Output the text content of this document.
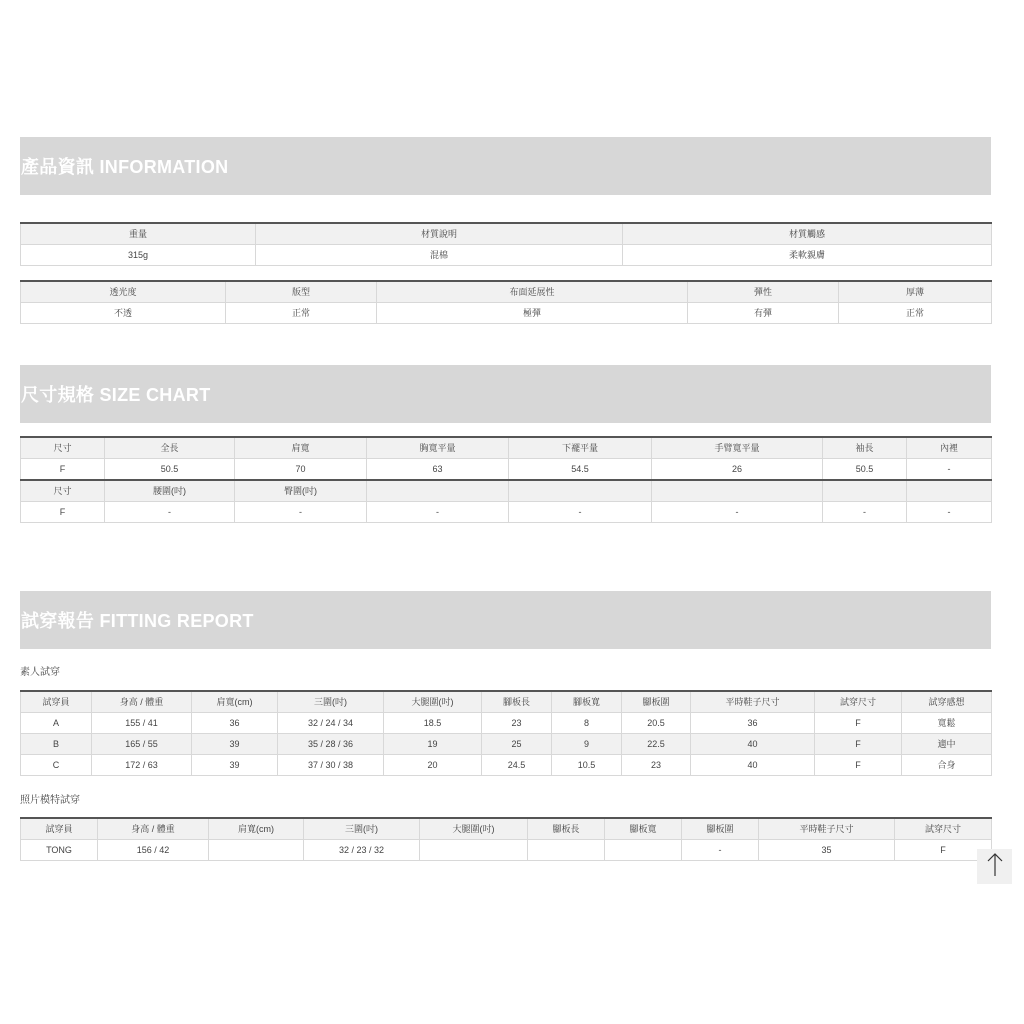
產品資訊 INFORMATION
重量	材質說明	材質觸感
315g	混棉	柔軟親膚
透光度	版型	布面延展性	彈性	厚薄
不透	正常	極彈	有彈	正常
尺寸規格 SIZE CHART
尺寸	全長	肩寬	胸寬平量	下襬平量	手臂寬平量	袖長	內裡
F	50.5	70	63	54.5	26	50.5	-
尺寸	腰圍(吋)	臀圍(吋)					
F	-	-	-	-	-	-	-
試穿報告 FITTING REPORT
素人試穿
試穿員	身高 / 體重	肩寬(cm)	三圍(吋)	大腿圍(吋)	腳板長	腳板寬	腳板圍	平時鞋子尺寸	試穿尺寸	試穿感想
A	155 / 41	36	32 / 24 / 34	18.5	23	8	20.5	36	F	寬鬆
B	165 / 55	39	35 / 28 / 36	19	25	9	22.5	40	F	適中
C	172 / 63	39	37 / 30 / 38	20	24.5	10.5	23	40	F	合身
照片模特試穿
試穿員	身高 / 體重	肩寬(cm)	三圍(吋)	大腿圍(吋)	腳板長	腳板寬	腳板圍	平時鞋子尺寸	試穿尺寸
TONG	156 / 42		32 / 23 / 32				-	35	F
